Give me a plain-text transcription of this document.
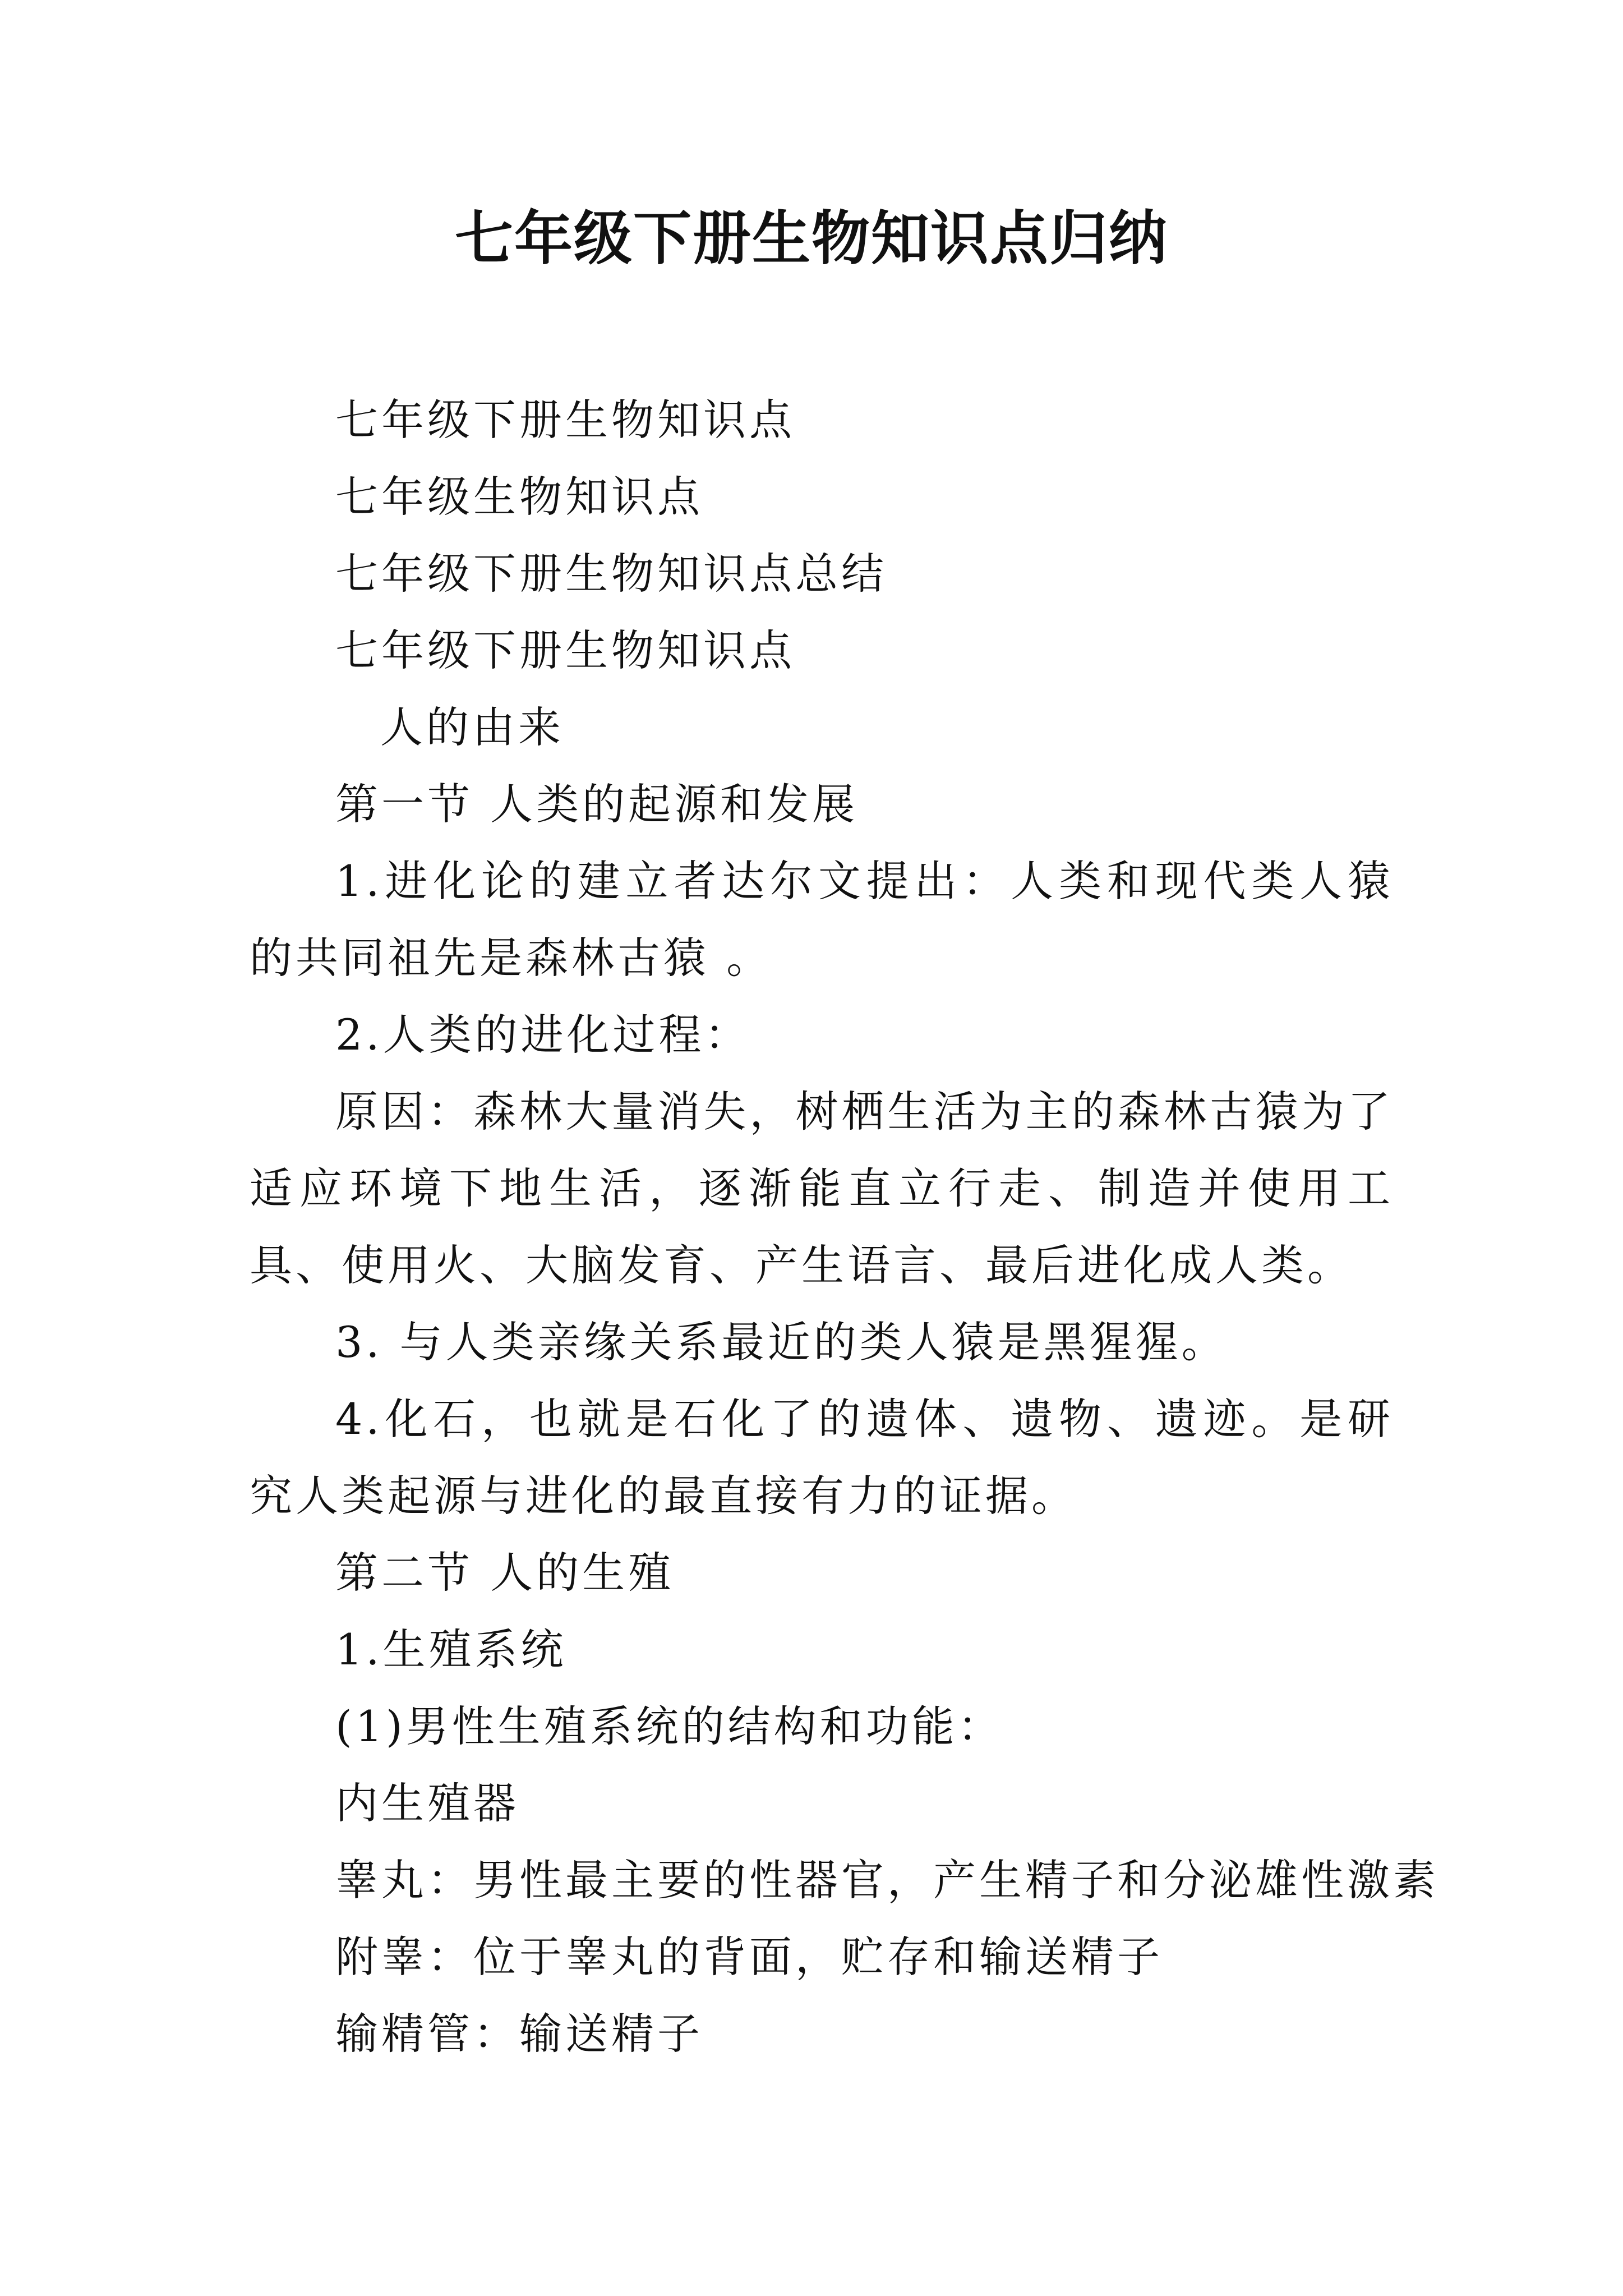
七年级下册生物知识点归纳
七年级下册生物知识点
七年级生物知识点
七年级下册生物知识点总结
七年级下册生物知识点
人的由来
第一节 人类的起源和发展

1.进化论的建立者达尔文提出：人类和现代类人猿的共同祖先是森林古猿 。

2.人类的进化过程：

原因：森林大量消失，树栖生活为主的森林古猿为了适应环境下地生活，逐渐能直立行走、制造并使用工具、使用火、大脑发育、产生语言、最后进化成人类。

3. 与人类亲缘关系最近的类人猿是黑猩猩。

4.化石，也就是石化了的遗体、遗物、遗迹。是研究人类起源与进化的最直接有力的证据。

第二节 人的生殖
1.生殖系统
(1)男性生殖系统的结构和功能：
内生殖器
睾丸：男性最主要的性器官，产生精子和分泌雄性激素
附睾：位于睾丸的背面，贮存和输送精子
输精管：输送精子
